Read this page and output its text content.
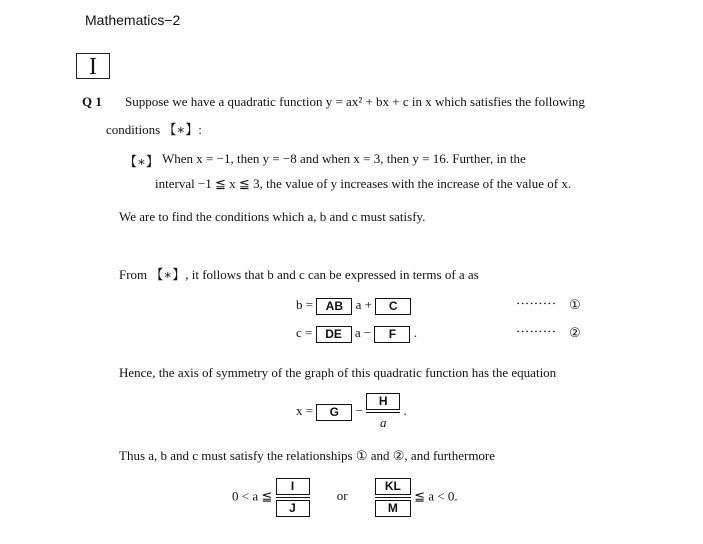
Mathematics−2
I
Q 1 Suppose we have a quadratic function y = ax² + bx + c in x which satisfies the following
conditions 【∗】:
【∗】 When x = −1, then y = −8 and when x = 3, then y = 16. Further, in the
interval −1 ≦ x ≦ 3, the value of y increases with the increase of the value of x.
We are to find the conditions which a, b and c must satisfy.
From 【∗】, it follows that b and c can be expressed in terms of a as
b = AB a + C	⋅⋅⋅⋅⋅⋅⋅⋅⋅ ①
c = DE a − F .	⋅⋅⋅⋅⋅⋅⋅⋅⋅ ②
Hence, the axis of symmetry of the graph of this quadratic function has the equation
$x = G - \frac{H}{a}$ .
Thus a, b and c must satisfy the relationships ① and ②, and furthermore
0 < a ≦ $\frac{I}{J}$ or $\frac{KL}{M}$ ≦ a < 0.
